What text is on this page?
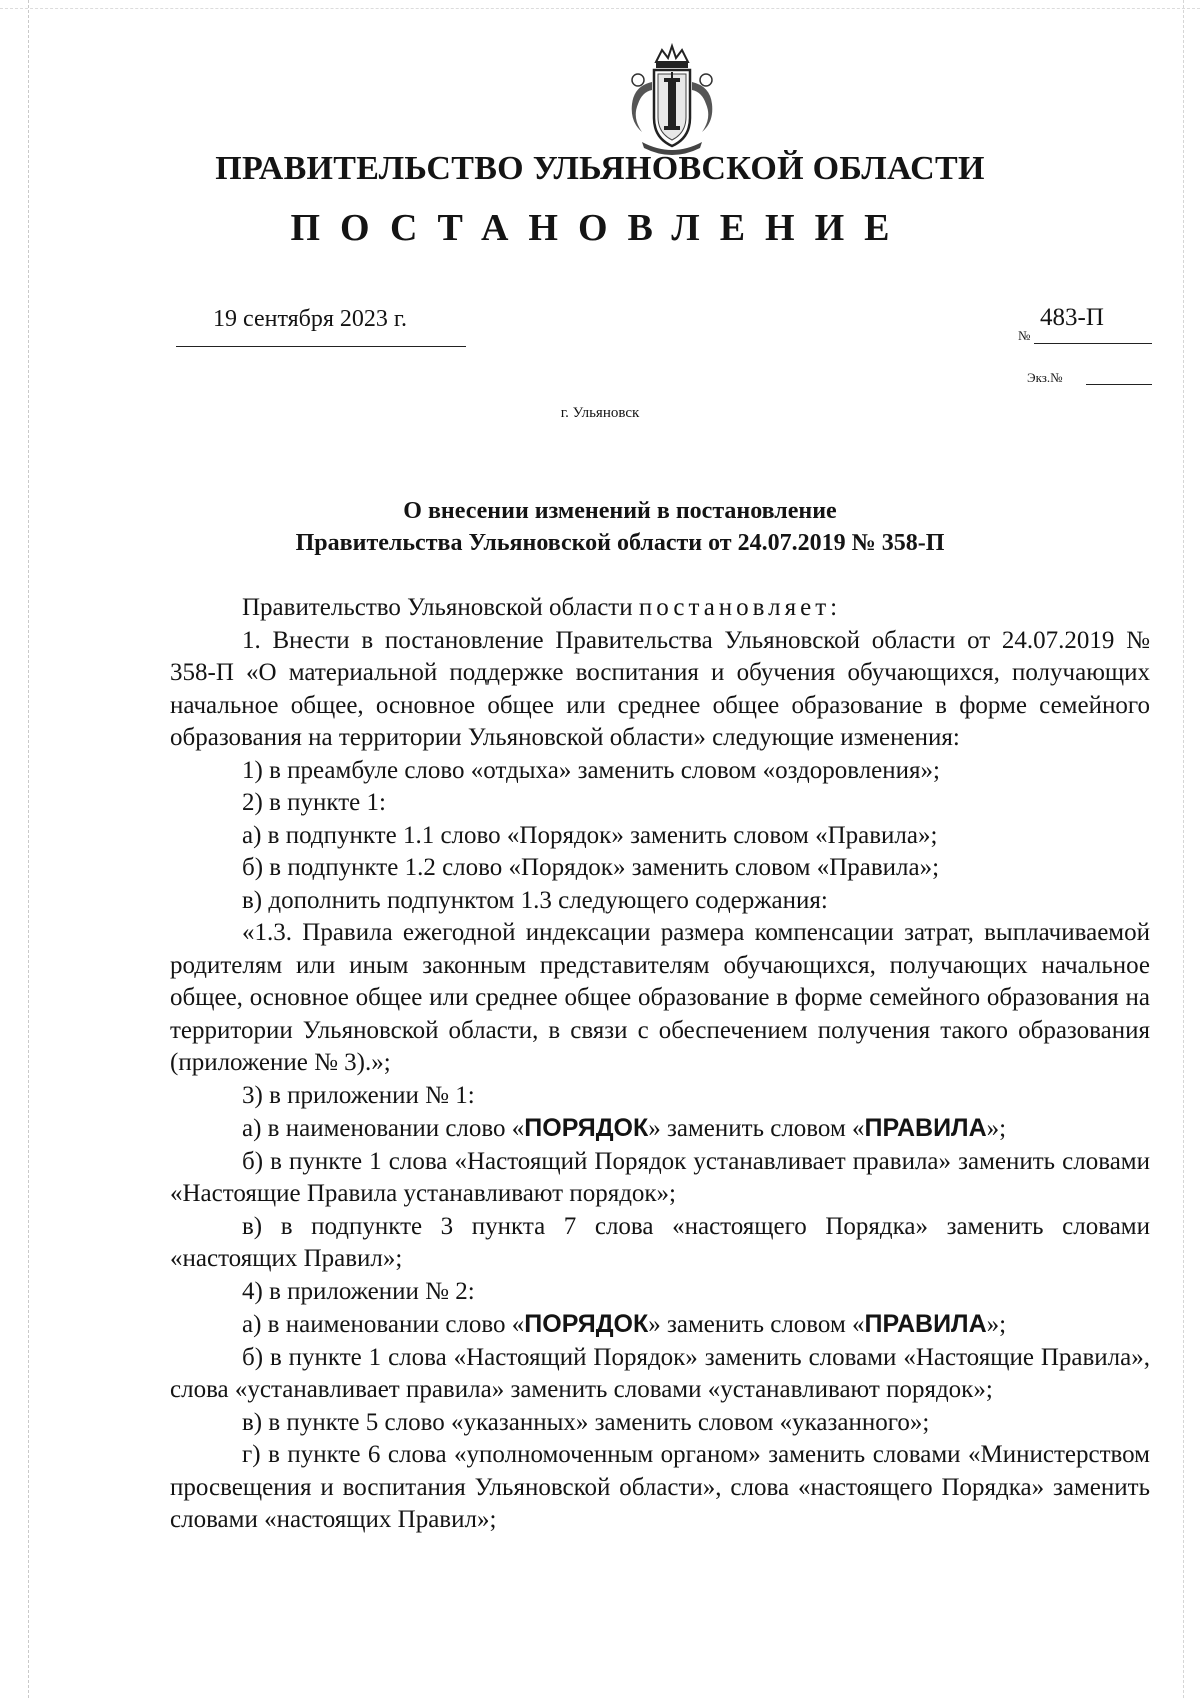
ПРАВИТЕЛЬСТВО УЛЬЯНОВСКОЙ ОБЛАСТИ
ПОСТАНОВЛЕНИЕ
19 сентября 2023 г.
№
483-П
Экз.№
г. Ульяновск
О внесении изменений в постановление
Правительства Ульяновской области от 24.07.2019 № 358-П

Правительство Ульяновской области постановляет:

1. Внести в постановление Правительства Ульяновской области от 24.07.2019 № 358-П «О материальной поддержке воспитания и обучения обучающихся, получающих начальное общее, основное общее или среднее общее образование в форме семейного образования на территории Ульяновской области» следующие изменения:

1) в преамбуле слово «отдыха» заменить словом «оздоровления»;

2) в пункте 1:

а) в подпункте 1.1 слово «Порядок» заменить словом «Правила»;

б) в подпункте 1.2 слово «Порядок» заменить словом «Правила»;

в) дополнить подпунктом 1.3 следующего содержания:

«1.3. Правила ежегодной индексации размера компенсации затрат, выплачиваемой родителям или иным законным представителям обучающихся, получающих начальное общее, основное общее или среднее общее образование в форме семейного образования на территории Ульяновской области, в связи с обеспечением получения такого образования (приложение № 3).»;

3) в приложении № 1:

а) в наименовании слово «ПОРЯДОК» заменить словом «ПРАВИЛА»;

б) в пункте 1 слова «Настоящий Порядок устанавливает правила» заменить словами «Настоящие Правила устанавливают порядок»;

в) в подпункте 3 пункта 7 слова «настоящего Порядка» заменить словами «настоящих Правил»;

4) в приложении № 2:

а) в наименовании слово «ПОРЯДОК» заменить словом «ПРАВИЛА»;

б) в пункте 1 слова «Настоящий Порядок» заменить словами «Настоящие Правила», слова «устанавливает правила» заменить словами «устанавливают порядок»;

в) в пункте 5 слово «указанных» заменить словом «указанного»;

г) в пункте 6 слова «уполномоченным органом» заменить словами «Министерством просвещения и воспитания Ульяновской области», слова «настоящего Порядка» заменить словами «настоящих Правил»;
